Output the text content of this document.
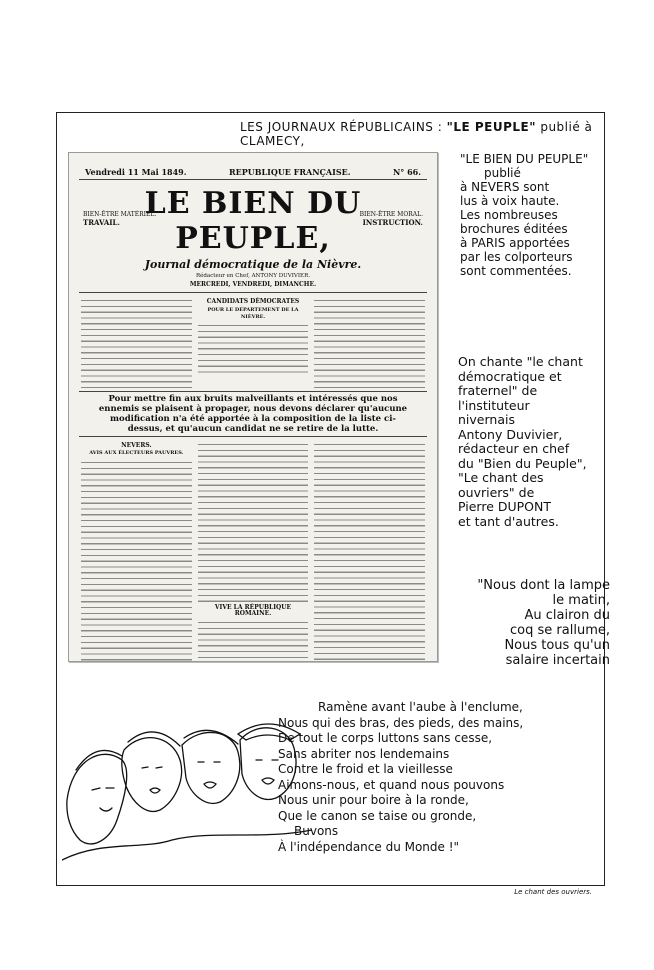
LES JOURNAUX RÉPUBLICAINS : "LE PEUPLE" publié à CLAMECY,
Vendredi 11 Mai 1849.	REPUBLIQUE FRANÇAISE.	N° 66.
LE BIEN DU PEUPLE,
Journal démocratique de la Nièvre.
BIEN-ÊTRE MATÉRIEL.
TRAVAIL.
BIEN-ÊTRE MORAL.
INSTRUCTION.
Rédacteur en Chef, ANTONY DUVIVIER.
MERCREDI, VENDREDI, DIMANCHE.
CANDIDATS DÉMOCRATES
POUR LE DÉPARTEMENT DE LA NIÈVRE.
Pour mettre fin aux bruits malveillants et intéressés que nos ennemis se plaisent à propager, nous devons déclarer qu'aucune modification n'a été apportée à la composition de la liste ci-dessus, et qu'aucun candidat ne se retire de la lutte.
NEVERS.
AVIS AUX ÉLECTEURS PAUVRES.
VIVE LA RÉPUBLIQUE ROMAINE.
"LE BIEN DU PEUPLE"
publié
à NEVERS sont
lus à voix haute.
Les nombreuses
brochures éditées
à PARIS apportées
par les colporteurs
sont commentées.
On chante "le chant
démocratique et
fraternel" de
l'instituteur
nivernais
Antony Duvivier,
rédacteur en chef
du "Bien du Peuple",
"Le chant des
ouvriers" de
Pierre DUPONT
et tant d'autres.
"Nous dont la lampe
le matin,
Au clairon du
coq se rallume,
Nous tous qu'un
salaire incertain
Ramène avant l'aube à l'enclume,
Nous qui des bras, des pieds, des mains,
De tout le corps luttons sans cesse,
Sans abriter nos lendemains
Contre le froid et la vieillesse
Aimons-nous, et quand nous pouvons
Nous unir pour boire à la ronde,
Que le canon se taise ou gronde,
Buvons
À l'indépendance du Monde !"
Le chant des ouvriers.
